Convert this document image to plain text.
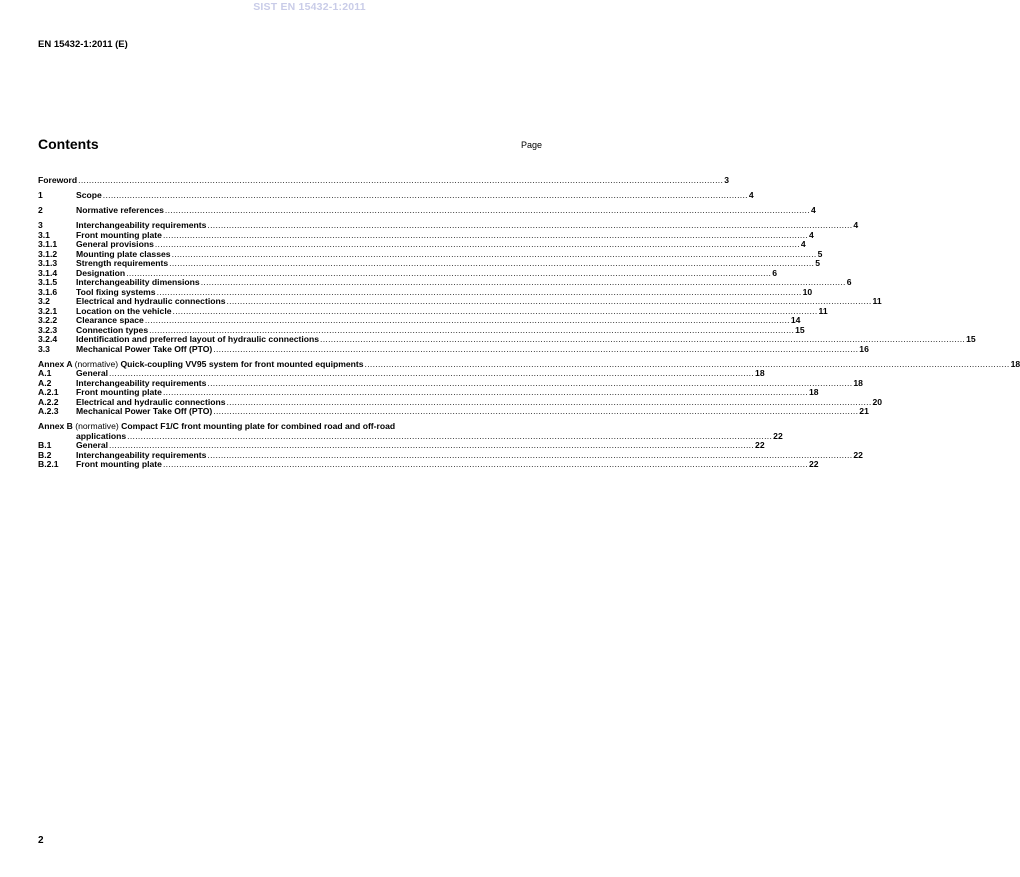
SIST EN 15432-1:2011
EN 15432-1:2011 (E)
Contents	Page
Foreword .....	3
1	Scope .....	4
2	Normative references .....	4
3	Interchangeability requirements .....	4
3.1	Front mounting plate .....	4
3.1.1	General provisions .....	4
3.1.2	Mounting plate classes .....	5
3.1.3	Strength requirements .....	5
3.1.4	Designation .....	6
3.1.5	Interchangeability dimensions .....	6
3.1.6	Tool fixing systems .....	10
3.2	Electrical and hydraulic connections .....	11
3.2.1	Location on the vehicle .....	11
3.2.2	Clearance space .....	14
3.2.3	Connection types .....	15
3.2.4	Identification and preferred layout of hydraulic connections .....	15
3.3	Mechanical Power Take Off (PTO) .....	16
Annex A (normative) Quick-coupling VV95 system for front mounted equipments .....	18
A.1	General .....	18
A.2	Interchangeability requirements .....	18
A.2.1	Front mounting plate .....	18
A.2.2	Electrical and hydraulic connections .....	20
A.2.3	Mechanical Power Take Off (PTO) .....	21
Annex B (normative) Compact F1/C front mounting plate for combined road and off-road
applications .....	22
B.1	General .....	22
B.2	Interchangeability requirements .....	22
B.2.1	Front mounting plate .....	22
2
